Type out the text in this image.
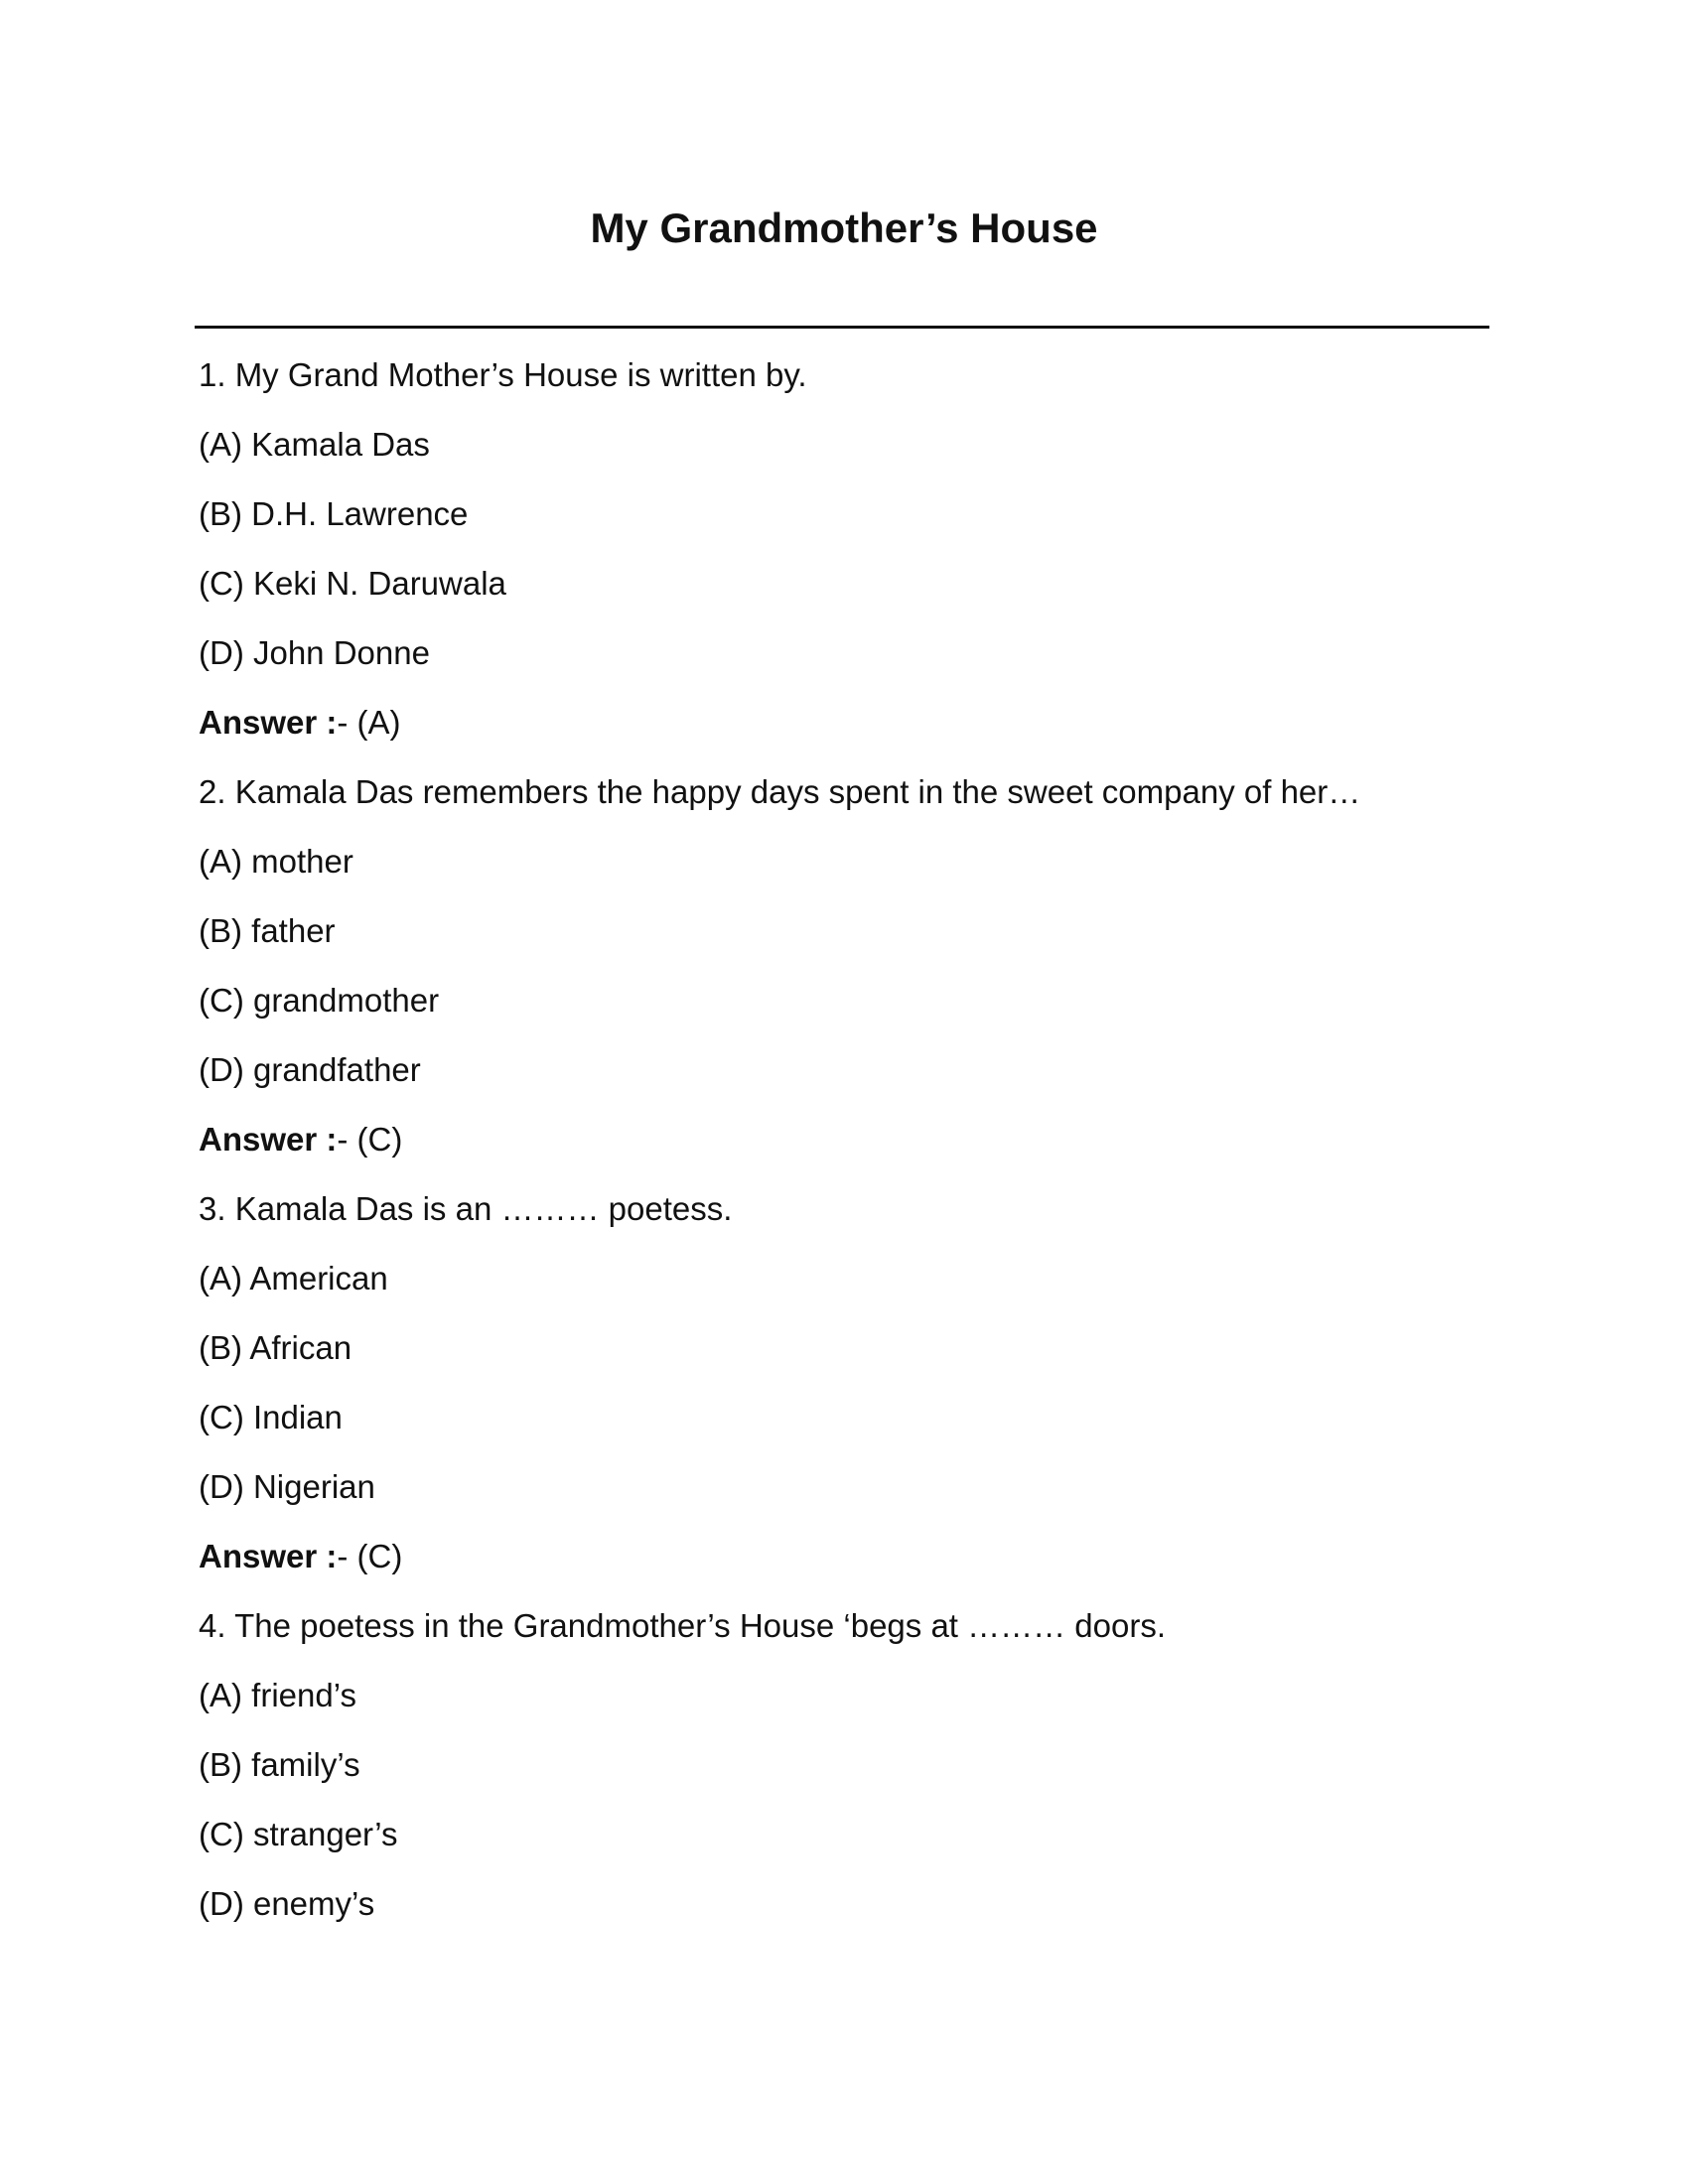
My Grandmother’s House

1. My Grand Mother’s House is written by.

(A) Kamala Das

(B) D.H. Lawrence

(C) Keki N. Daruwala

(D) John Donne

Answer :- (A)

2. Kamala Das remembers the happy days spent in the sweet company of her…

(A) mother

(B) father

(C) grandmother

(D) grandfather

Answer :- (C)

3. Kamala Das is an ……… poetess.

(A) American

(B) African

(C) Indian

(D) Nigerian

Answer :- (C)

4. The poetess in the Grandmother’s House ‘begs at ……… doors.

(A) friend’s

(B) family’s

(C) stranger’s

(D) enemy’s
